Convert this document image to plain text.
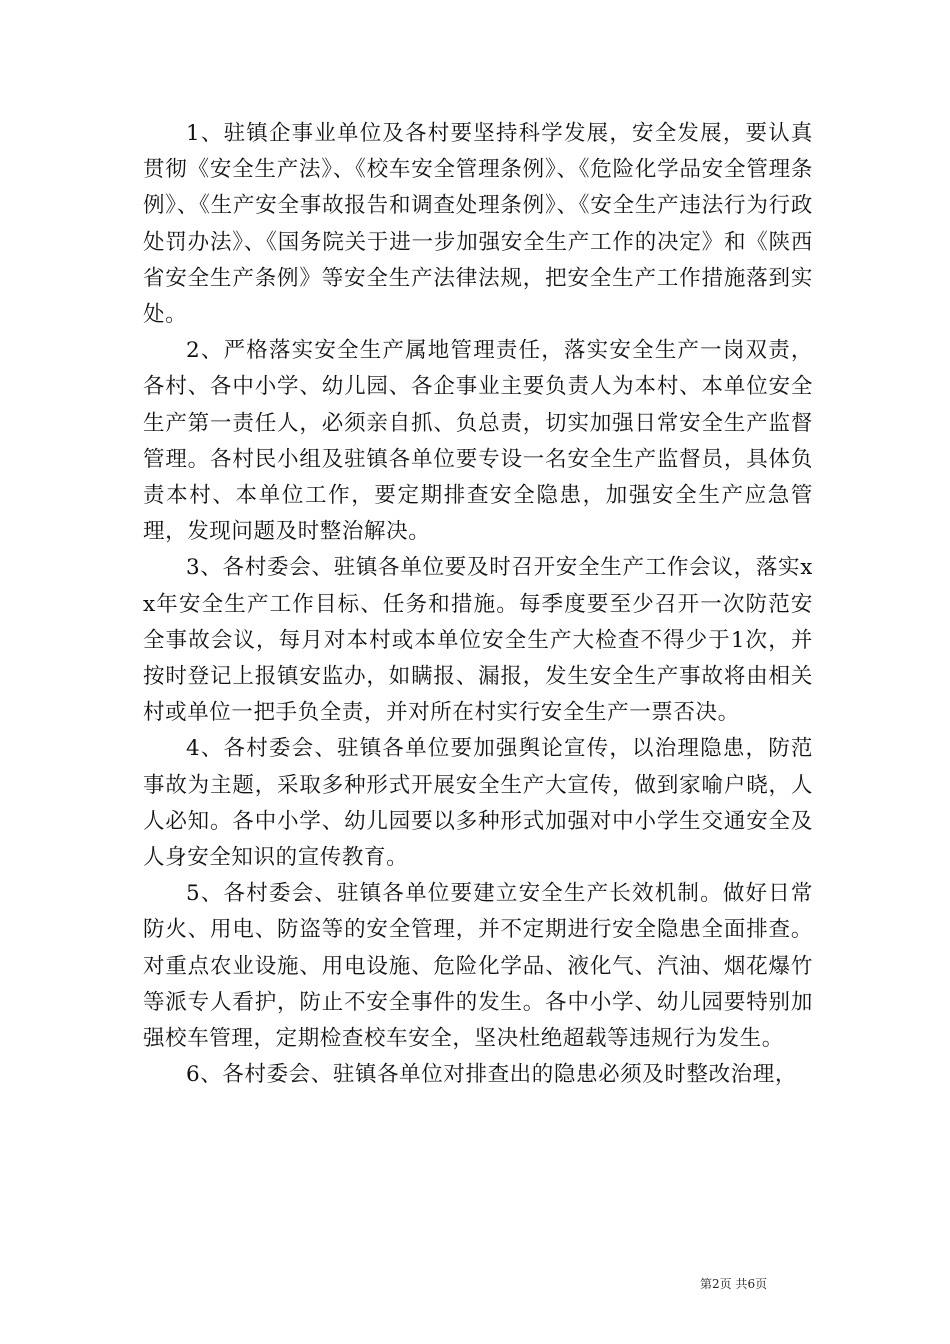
1、驻镇企事业单位及各村要坚持科学发展，安全发展，要认真贯彻《安全生产法》、《校车安全管理条例》、《危险化学品安全管理条例》、《生产安全事故报告和调查处理条例》、《安全生产违法行为行政处罚办法》、《国务院关于进一步加强安全生产工作的决定》和《陕西省安全生产条例》等安全生产法律法规，把安全生产工作措施落到实处。

2、严格落实安全生产属地管理责任，落实安全生产一岗双责，各村、各中小学、幼儿园、各企事业主要负责人为本村、本单位安全生产第一责任人，必须亲自抓、负总责，切实加强日常安全生产监督管理。各村民小组及驻镇各单位要专设一名安全生产监督员，具体负责本村、本单位工作，要定期排查安全隐患，加强安全生产应急管理，发现问题及时整治解决。

3、各村委会、驻镇各单位要及时召开安全生产工作会议，落实xx年安全生产工作目标、任务和措施。每季度要至少召开一次防范安全事故会议，每月对本村或本单位安全生产大检查不得少于1次，并按时登记上报镇安监办，如瞒报、漏报，发生安全生产事故将由相关村或单位一把手负全责，并对所在村实行安全生产一票否决。

4、各村委会、驻镇各单位要加强舆论宣传，以治理隐患，防范事故为主题，采取多种形式开展安全生产大宣传，做到家喻户晓，人人必知。各中小学、幼儿园要以多种形式加强对中小学生交通安全及人身安全知识的宣传教育。

5、各村委会、驻镇各单位要建立安全生产长效机制。做好日常防火、用电、防盗等的安全管理，并不定期进行安全隐患全面排查。对重点农业设施、用电设施、危险化学品、液化气、汽油、烟花爆竹等派专人看护，防止不安全事件的发生。各中小学、幼儿园要特别加强校车管理，定期检查校车安全，坚决杜绝超载等违规行为发生。

6、各村委会、驻镇各单位对排查出的隐患必须及时整改治理，

第2页 共6页
